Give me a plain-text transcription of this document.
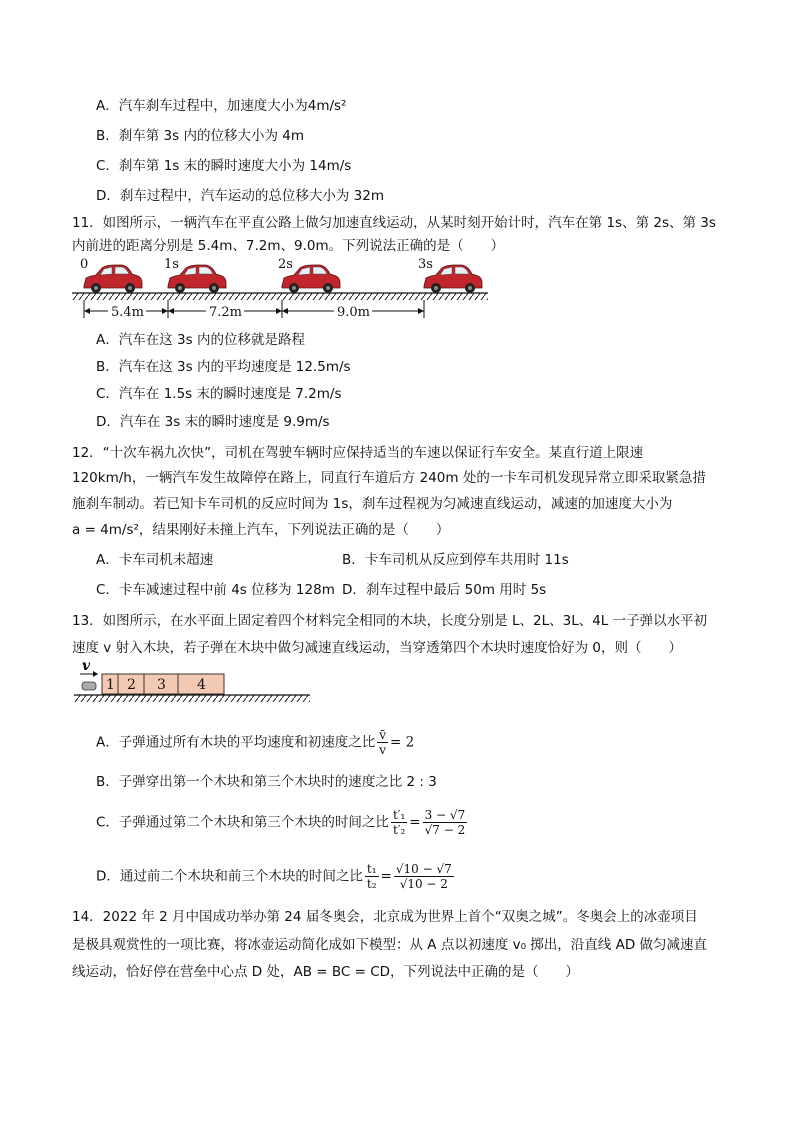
A．汽车刹车过程中，加速度大小为4m/s²
B．刹车第 3s 内的位移大小为 4m
C．刹车第 1s 末的瞬时速度大小为 14m/s
D．刹车过程中，汽车运动的总位移大小为 32m
11．如图所示，一辆汽车在平直公路上做匀加速直线运动，从某时刻开始计时，汽车在第 1s、第 2s、第 3s
内前进的距离分别是 5.4m、7.2m、9.0m。下列说法正确的是（　　）
0	1s	2s	3s
5.4m	7.2m	9.0m
A．汽车在这 3s 内的位移就是路程
B．汽车在这 3s 内的平均速度是 12.5m/s
C．汽车在 1.5s 末的瞬时速度是 7.2m/s
D．汽车在 3s 末的瞬时速度是 9.9m/s
12．“十次车祸九次快”，司机在驾驶车辆时应保持适当的车速以保证行车安全。某直行道上限速
120km/h，一辆汽车发生故障停在路上，同直行车道后方 240m 处的一卡车司机发现异常立即采取紧急措
施刹车制动。若已知卡车司机的反应时间为 1s，刹车过程视为匀减速直线运动，减速的加速度大小为
a = 4m/s²，结果刚好未撞上汽车，下列说法正确的是（　　）
A．卡车司机未超速	B．卡车司机从反应到停车共用时 11s
C．卡车减速过程中前 4s 位移为 128m D．刹车过程中最后 50m 用时 5s
13．如图所示，在水平面上固定着四个材料完全相同的木块，长度分别是 L、2L、3L、4L 一子弹以水平初
速度 v 射入木块，若子弹在木块中做匀减速直线运动，当穿透第四个木块时速度恰好为 0，则（　　）
v
1 2 3 4
A．子弹通过所有木块的平均速度和初速度之比 $\frac{v̄}{v} = 2$
B．子弹穿出第一个木块和第三个木块时的速度之比 2 : 3
C．子弹通过第二个木块和第三个木块的时间之比 $\frac{\text{t′₁}}{\text{t′₂}} = \frac{3 - √7}{√7 - 2}$
D．通过前二个木块和前三个木块的时间之比 $\frac{\text{t₁}}{\text{t₂}} = \frac{√10 - √7}{√10 - 2}$
14．2022 年 2 月中国成功举办第 24 届冬奥会，北京成为世界上首个“双奥之城”。冬奥会上的冰壶项目
是极具观赏性的一项比赛，将冰壶运动简化成如下模型：从 A 点以初速度 v₀ 掷出，沿直线 AD 做匀减速直
线运动，恰好停在营垒中心点 D 处，AB = BC = CD，下列说法中正确的是（　　）
